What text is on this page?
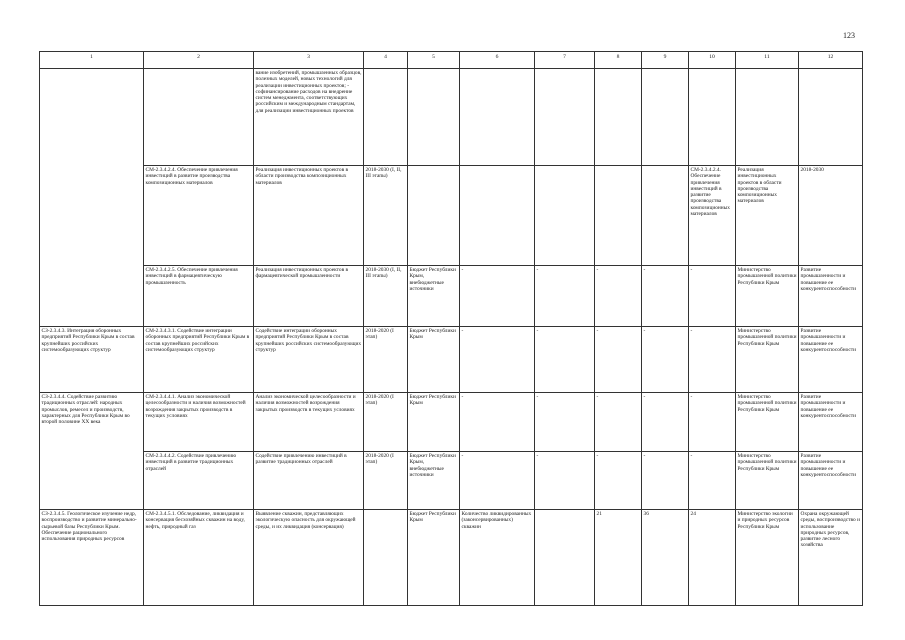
123
1	2	3	4	5	6	7	8	9	10	11	12
		вание изобретений, промышленных образцов, полезных моделей, новых технологий для реализации инвестиционных проектов; - софинансирование расходов на внедрение систем менеджмента, соответствующих российским и международным стандартам, для реализации инвестиционных проектов									
	СМ-2.3.4.2.4. Обеспечение привлечения инвестиций в развитие производства композиционных материалов	Реализация инвестиционных проектов в области производства композиционных материалов	2018-2030 (I, II, III этапы)						СМ-2.3.4.2.4. Обеспечение привлечения инвестиций в развитие производства композиционных материалов	Реализация инвестиционных проектов в области производства композиционных материалов	2018-2030
	СМ-2.3.4.2.5. Обеспечение привлечения инвестиций в фармацевтическую промышленность	Реализация инвестиционных проектов в фармацевтической промышленности	2018-2030 (I, II, III этапы)	Бюджет Республики Крым, внебюджетные источники	-	-	-	-	-	Министерство промышленной политики Республики Крым	Развитие промышленности и повышение ее конкурентоспособности
СЗ-2.3.4.3. Интеграция оборонных предприятий Республики Крым в состав крупнейших российских системообразующих структур	СМ-2.3.4.3.1. Содействие интеграции оборонных предприятий Республики Крым в состав крупнейших российских системообразующих структур	Содействие интеграции оборонных предприятий Республики Крым в состав крупнейших российских системообразующих структур	2018-2020 (I этап)	Бюджет Республики Крым	-	-	-	-	-	Министерство промышленной политики Республики Крым	Развитие промышленности и повышение ее конкурентоспособности
СЗ-2.3.4.4. Содействие развитию традиционных отраслей: народных промыслов, ремесел и производств, характерных для Республики Крым во второй половине XX века	СМ-2.3.4.4.1. Анализ экономической целесообразности и наличия возможностей возрождения закрытых производств в текущих условиях	Анализ экономической целесообразности и наличия возможностей возрождения закрытых производств в текущих условиях	2018-2020 (I этап)	Бюджет Республики Крым	-	-	-	-	-	Министерство промышленной политики Республики Крым	Развитие промышленности и повышение ее конкурентоспособности
	СМ-2.3.4.4.2. Содействие привлечению инвестиций в развитие традиционных отраслей	Содействие привлечению инвестиций в развитие традиционных отраслей	2018-2020 (I этап)	Бюджет Республики Крым, внебюджетные источники	-	-	-	-	-	Министерство промышленной политики Республики Крым	Развитие промышленности и повышение ее конкурентоспособности
СЗ-2.3.4.5. Геологическое изучение недр, воспроизводство и развитие минерально-сырьевой базы Республики Крым. Обеспечение рационального использования природных ресурсов	СМ-2.3.4.5.1. Обследование, ликвидация и консервация бесхозяйных скважин на воду, нефть, природный газ	Выявление скважин, представляющих экологическую опасность для окружающей среды, и их ликвидация (консервация)		Бюджет Республики Крым	Количество ликвидированных (законсервированных) скважин		21	36	24	Министерство экологии и природных ресурсов Республики Крым	Охрана окружающей среды, воспроизводство и использование природных ресурсов, развитие лесного хозяйства
